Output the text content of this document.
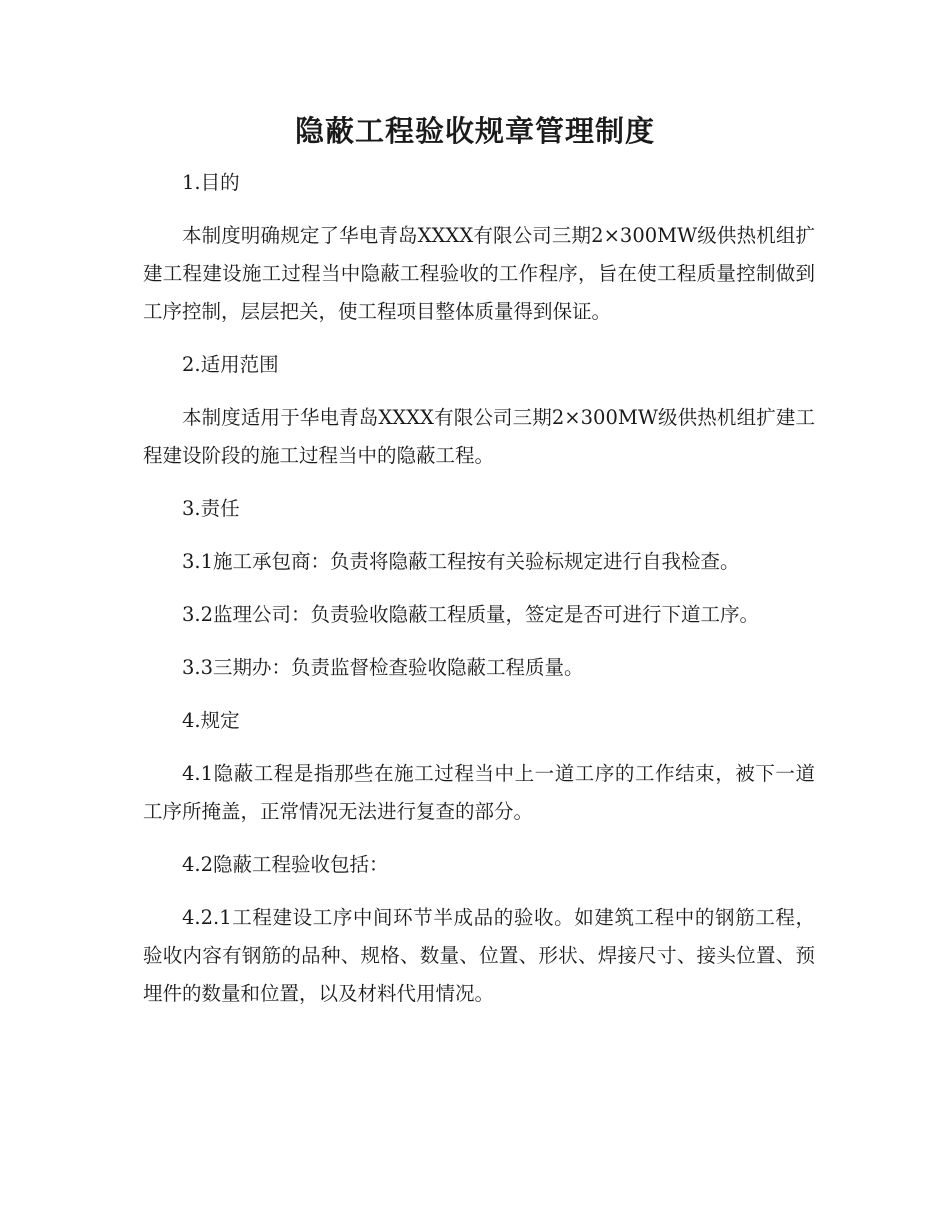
隐蔽工程验收规章管理制度

1.目的

本制度明确规定了华电青岛XXXX有限公司三期2×300MW级供热机组扩建工程建设施工过程当中隐蔽工程验收的工作程序，旨在使工程质量控制做到工序控制，层层把关，使工程项目整体质量得到保证。

2.适用范围

本制度适用于华电青岛XXXX有限公司三期2×300MW级供热机组扩建工程建设阶段的施工过程当中的隐蔽工程。

3.责任

3.1施工承包商：负责将隐蔽工程按有关验标规定进行自我检查。

3.2监理公司：负责验收隐蔽工程质量，签定是否可进行下道工序。

3.3三期办：负责监督检查验收隐蔽工程质量。

4.规定

4.1隐蔽工程是指那些在施工过程当中上一道工序的工作结束，被下一道工序所掩盖，正常情况无法进行复查的部分。

4.2隐蔽工程验收包括：

4.2.1工程建设工序中间环节半成品的验收。如建筑工程中的钢筋工程，验收内容有钢筋的品种、规格、数量、位置、形状、焊接尺寸、接头位置、预埋件的数量和位置，以及材料代用情况。
